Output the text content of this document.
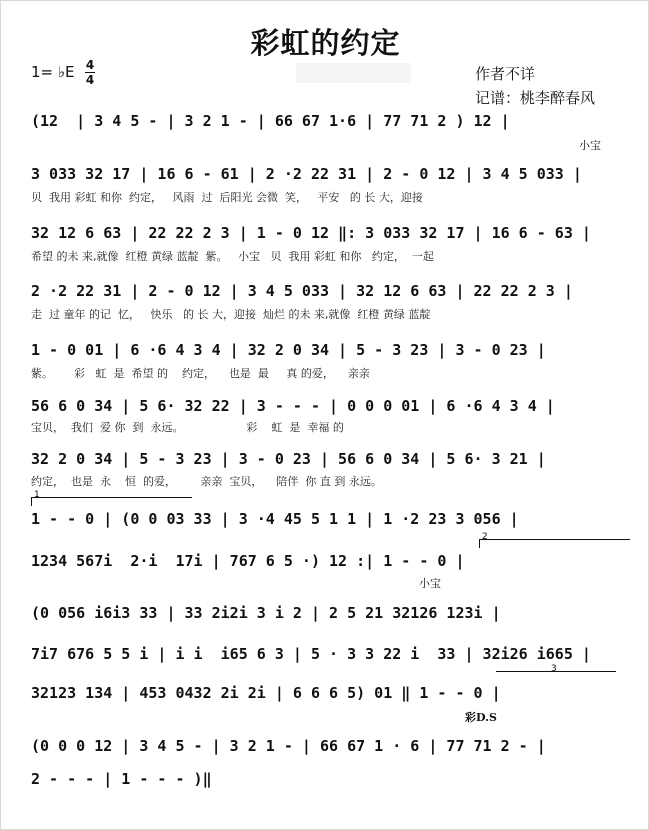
彩虹的约定
1= ♭E 4
4	作者不详
记谱：桃李醉春风
(12  | 3 4 5 - | 3 2 1 - | 66 67 1·6 | 77 71 2 ) 12 |
小宝
3 033 32 17 | 16 6 - 61 | 2 ·2 22 31 | 2 - 0 12 | 3 4 5 033 |
贝  我用 彩虹 和你  约定，   风雨  过  后阳光 会微  笑，   平安   的 长 大，迎接
32 12 6 63 | 22 22 2 3 | 1 - 0 12 ‖: 3 033 32 17 | 16 6 - 63 |
希望 的未 来,就像  红橙 黄绿 蓝靛  紫。   小宝   贝  我用 彩虹 和你   约定，  一起
2 ·2 22 31 | 2 - 0 12 | 3 4 5 033 | 32 12 6 63 | 22 22 2 3 |
走  过 童年 的记  忆，   快乐   的 长 大，迎接  灿烂 的未 来,就像  红橙 黄绿 蓝靛
1 - 0 01 | 6 ·6 4 3 4 | 32 2 0 34 | 5 - 3 23 | 3 - 0 23 |
紫。      彩   虹  是  希望 的    约定，    也是  最     真 的爱，    亲亲
56 6 0 34 | 5 6· 32 22 | 3 - - - | 0 0 0 01 | 6 ·6 4 3 4 |
宝贝，  我们  爱 你  到  永远。                  彩    虹  是  幸福 的
32 2 0 34 | 5 - 3 23 | 3 - 0 23 | 56 6 0 34 | 5 6· 3 21 |
约定，  也是  永    恒  的爱，       亲亲  宝贝，    陪伴  你 直 到 永远。
1
1 - - 0 | (0 0 03 33 | 3 ·4 45 5 1 1 | 1 ·2 23 3 056 |
2
1234 567i  2·i  17i | 767 6 5 ·) 12 :| 1 - - 0 |
小宝
(0 056 i6i3 33 | 33 2i2i 3 i 2 | 2 5 21 32126 123i |
7i7 676 5 5 i | i i  i65 6 3 | 5 · 3 3 22 i  33 | 32i26 i665 |
3
32123 134 | 453 0432 2i 2i | 6 6 6 5) 01 ‖ 1 - - 0 |
彩D.S
(0 0 0 12 | 3 4 5 - | 3 2 1 - | 66 67 1 · 6 | 77 71 2 - |
2 - - - | 1 - - - )‖
